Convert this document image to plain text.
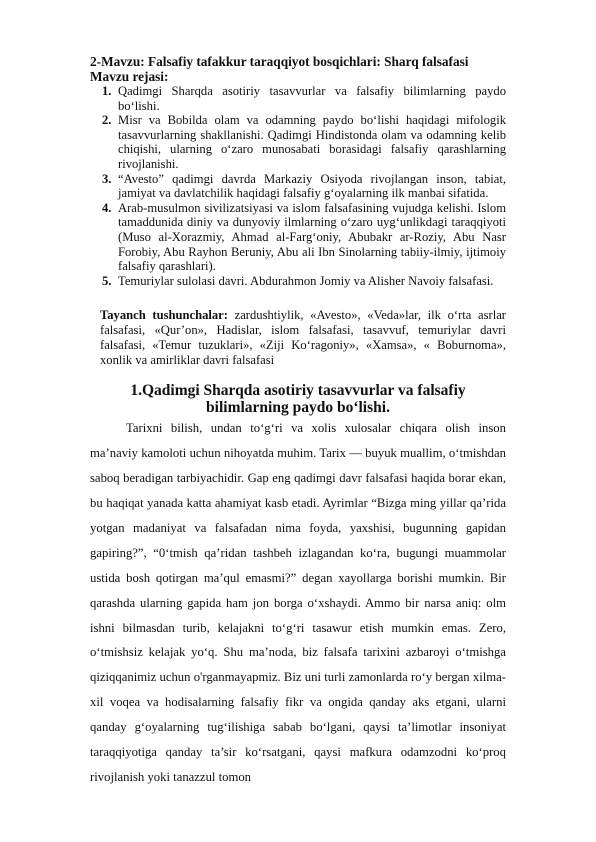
2-Mavzu: Falsafiy tafakkur taraqqiyot bosqichlari: Sharq falsafasi

Mavzu rejasi:

1. Qadimgi Sharqda asotiriy tasavvurlar va falsafiy bilimlarning paydo bo‘lishi.
2. Misr va Bobilda olam va odamning paydo bo‘lishi haqidagi mifologik tasavvurlarning shakllanishi. Qadimgi Hindistonda olam va odamning kelib chiqishi, ularning o‘zaro munosabati borasidagi falsafiy qarashlarning rivojlanishi.
3. “Avesto” qadimgi davrda Markaziy Osiyoda rivojlangan inson, tabiat, jamiyat va davlatchilik haqidagi falsafiy g‘oyalarning ilk manbai sifatida.
4. Arab-musulmon sivilizatsiyasi va islom falsafasining vujudga kelishi. Islom tamaddunida diniy va dunyoviy ilmlarning o‘zaro uyg‘unlikdagi taraqqiyoti (Muso al-Xorazmiy, Ahmad al-Farg‘oniy, Abubakr ar-Roziy, Abu Nasr Forobiy, Abu Rayhon Beruniy, Abu ali Ibn Sinolarning tabiiy-ilmiy, ijtimoiy falsafiy qarashlari).
5. Temuriylar sulolasi davri. Abdurahmon Jomiy va Alisher Navoiy falsafasi.

Tayanch tushunchalar: zardushtiylik, «Avesto», «Veda»lar, ilk o‘rta asrlar falsafasi, «Qur’on», Hadislar, islom falsafasi, tasavvuf, temuriylar davri falsafasi, «Temur tuzuklari», «Ziji Ko‘ragoniy», «Xamsa», « Boburnoma», xonlik va amirliklar davri falsafasi

1.Qadimgi Sharqda asotiriy tasavvurlar va falsafiy bilimlarning paydo bo‘lishi.

Tarixni bilish, undan to‘g‘ri va xolis xulosalar chiqara olish inson ma’naviy kamoloti uchun nihoyatda muhim. Tarix — buyuk muallim, o‘tmishdan saboq beradigan tarbiyachidir. Gap eng qadimgi davr falsafasi haqida borar ekan, bu haqiqat yanada katta ahamiyat kasb etadi. Ayrimlar “Bizga ming yillar qa’rida yotgan madaniyat va falsafadan nima foyda, yaxshisi, bugunning gapidan gapiring?”, “0‘tmish qa’ridan tashbeh izlagandan ko‘ra, bugungi muammolar ustida bosh qotirgan ma’qul emasmi?” degan xayollarga borishi mumkin. Bir qarashda ularning gapida ham jon borga o‘xshaydi. Ammo bir narsa aniq: olm ishni bilmasdan turib, kelajakni to‘g‘ri tasawur etish mumkin emas. Zero, o‘tmishsiz kelajak yo‘q. Shu ma’noda, biz falsafa tarixini azbaroyi o‘tmishga qiziqqanimiz uchun o'rganmayapmiz. Biz uni turli zamonlarda ro‘y bergan xilma-xil voqea va hodisalarning falsafiy fikr va ongida qanday aks etgani, ularni qanday g‘oyalarning tug‘ilishiga sabab bo‘lgani, qaysi ta’limotlar insoniyat taraqqiyotiga qanday ta’sir ko‘rsatgani, qaysi mafkura odamzodni ko‘proq rivojlanish yoki tanazzul tomon
